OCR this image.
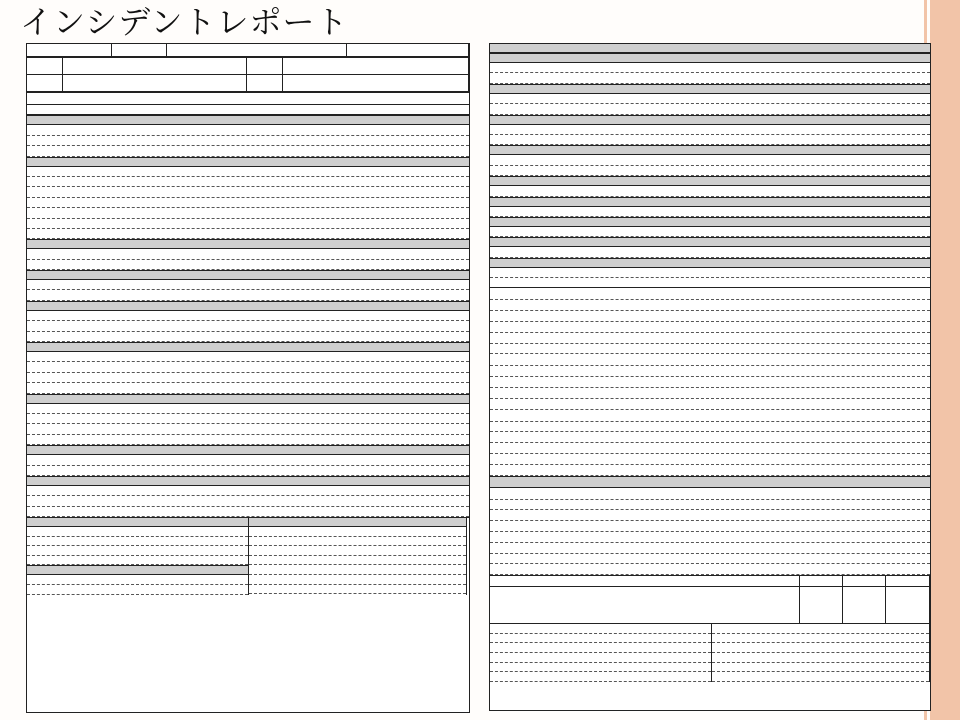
インシデントレポート
